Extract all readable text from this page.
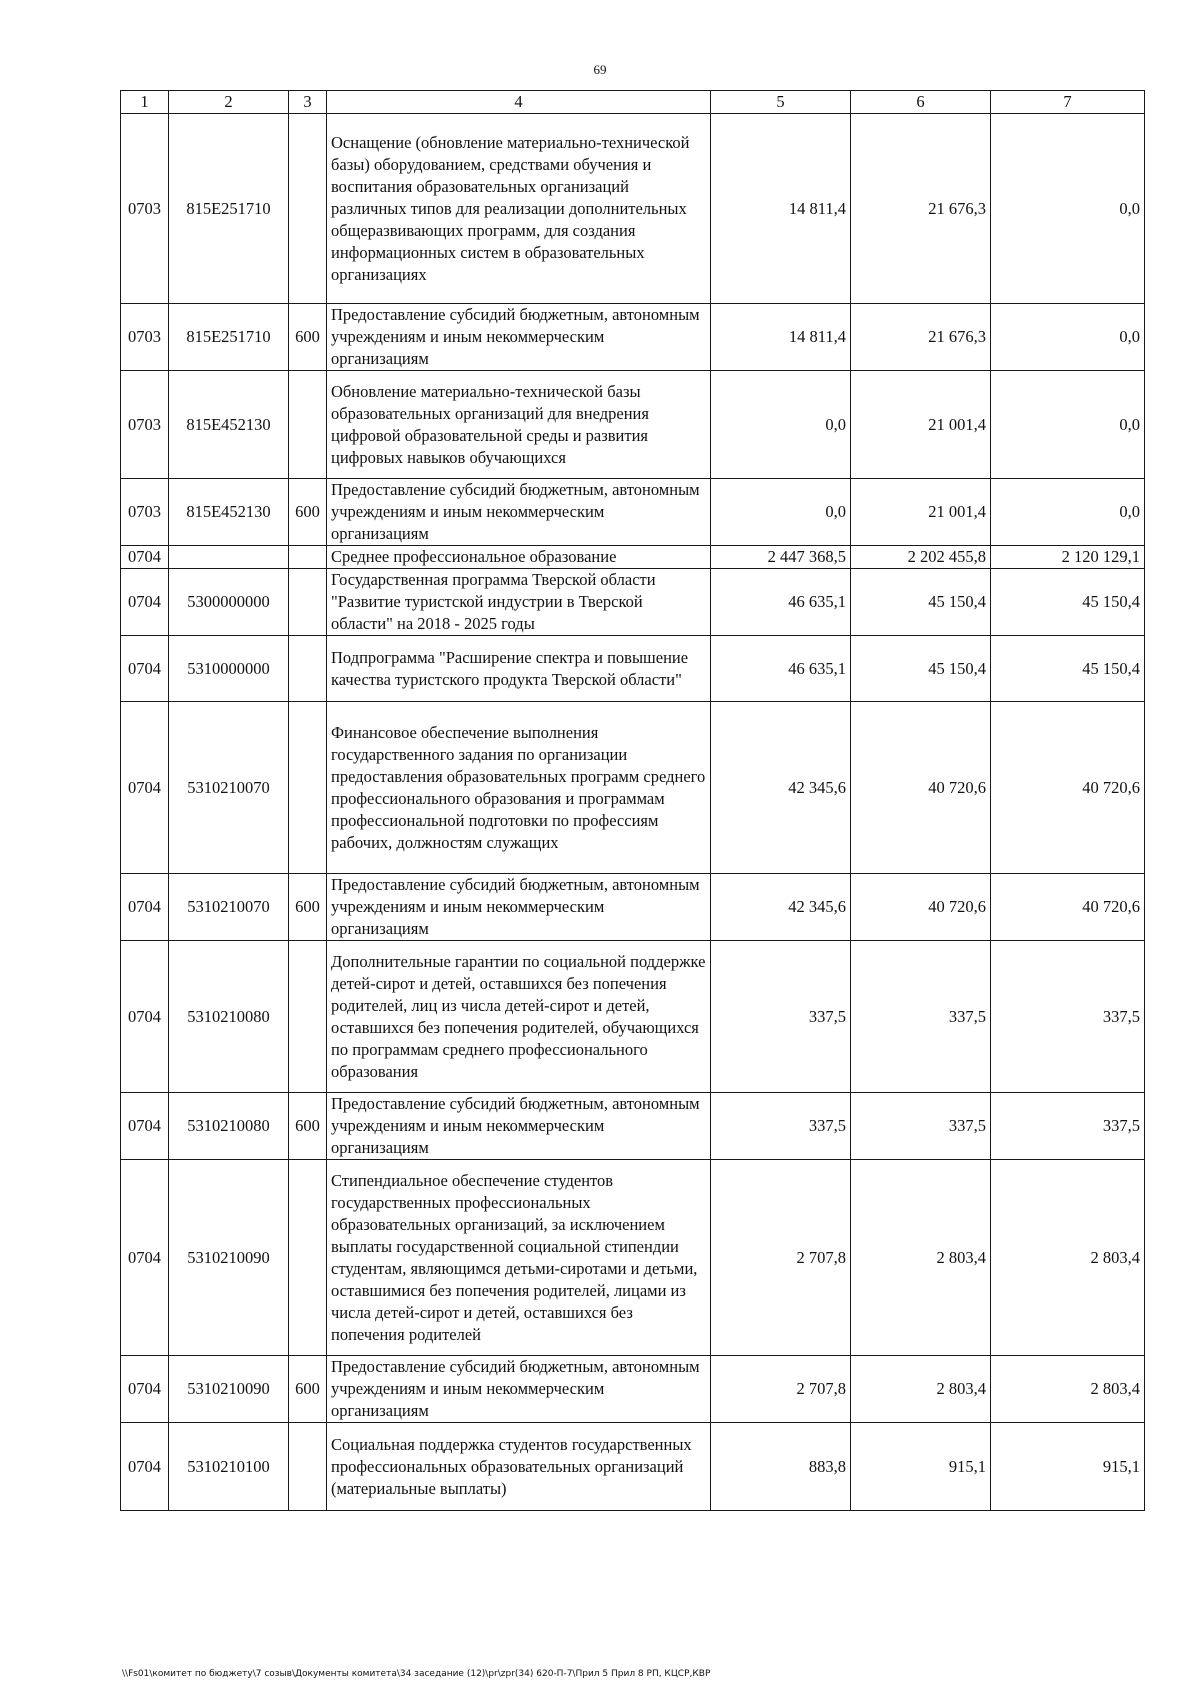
69
1	2	3	4	5	6	7
0703	815E251710		Оснащение (обновление материально-технической базы) оборудованием, средствами обучения и воспитания образовательных организаций различных типов для реализации дополнительных общеразвивающих программ, для создания информационных систем в образовательных организациях	14 811,4	21 676,3	0,0
0703	815E251710	600	Предоставление субсидий бюджетным, автономным учреждениям и иным некоммерческим организациям	14 811,4	21 676,3	0,0
0703	815E452130		Обновление материально-технической базы образовательных организаций для внедрения цифровой образовательной среды и развития цифровых навыков обучающихся	0,0	21 001,4	0,0
0703	815E452130	600	Предоставление субсидий бюджетным, автономным учреждениям и иным некоммерческим организациям	0,0	21 001,4	0,0
0704			Среднее профессиональное образование	2 447 368,5	2 202 455,8	2 120 129,1
0704	5300000000		Государственная программа Тверской области "Развитие туристской индустрии в Тверской области" на 2018 - 2025 годы	46 635,1	45 150,4	45 150,4
0704	5310000000		Подпрограмма "Расширение спектра и повышение качества туристского продукта Тверской области"	46 635,1	45 150,4	45 150,4
0704	5310210070		Финансовое обеспечение выполнения государственного задания по организации предоставления образовательных программ среднего профессионального образования и программам профессиональной подготовки по профессиям рабочих, должностям служащих	42 345,6	40 720,6	40 720,6
0704	5310210070	600	Предоставление субсидий бюджетным, автономным учреждениям и иным некоммерческим организациям	42 345,6	40 720,6	40 720,6
0704	5310210080		Дополнительные гарантии по социальной поддержке детей-сирот и детей, оставшихся без попечения родителей, лиц из числа детей-сирот и детей, оставшихся без попечения родителей, обучающихся по программам среднего профессионального образования	337,5	337,5	337,5
0704	5310210080	600	Предоставление субсидий бюджетным, автономным учреждениям и иным некоммерческим организациям	337,5	337,5	337,5
0704	5310210090		Стипендиальное обеспечение студентов государственных профессиональных образовательных организаций, за исключением выплаты государственной социальной стипендии студентам, являющимся детьми-сиротами и детьми, оставшимися без попечения родителей, лицами из числа детей-сирот и детей, оставшихся без попечения родителей	2 707,8	2 803,4	2 803,4
0704	5310210090	600	Предоставление субсидий бюджетным, автономным учреждениям и иным некоммерческим организациям	2 707,8	2 803,4	2 803,4
0704	5310210100		Социальная поддержка студентов государственных профессиональных образовательных организаций (материальные выплаты)	883,8	915,1	915,1
\\Fs01\комитет по бюджету\7 созыв\Документы комитета\34 заседание (12)\pr\zpr(34) 620-П-7\Прил 5 Прил 8 РП, КЦСР,КВР
